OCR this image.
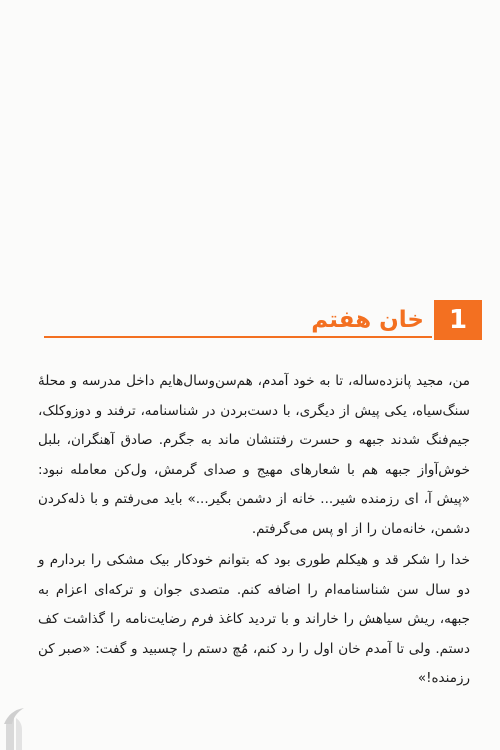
خان هفتم 1

من، مجید پانزده‌ساله، تا به خود آمدم، هم‌سن‌وسال‌هایم داخل مدرسه و محلهٔ سنگ‌سیاه، یکی پیش از دیگری، با دست‌بردن در شناسنامه، ترفند و دوزوکلک، جیم‌فنگ شدند جبهه و حسرت رفتنشان ماند به جگرم. صادق آهنگران، بلبل خوش‌آواز جبهه هم با شعارهای مهیج و صدای گرمش، ول‌کن معامله نبود: «پیش آ، ای رزمنده شیر... خانه از دشمن بگیر...» باید می‌رفتم و با ذله‌کردن دشمن، خانه‌مان را از او پس می‌گرفتم.

خدا را شکر قد و هیکلم طوری بود که بتوانم خودکار بیک مشکی را بردارم و دو سال سن شناسنامه‌ام را اضافه کنم. متصدی جوان و ترکه‌ای اعزام به جبهه، ریش سیاهش را خاراند و با تردید کاغذ فرم رضایت‌نامه را گذاشت کف دستم. ولی تا آمدم خان اول را رد کنم، مُچ دستم را چسبید و گفت: «صبر کن رزمنده!»
